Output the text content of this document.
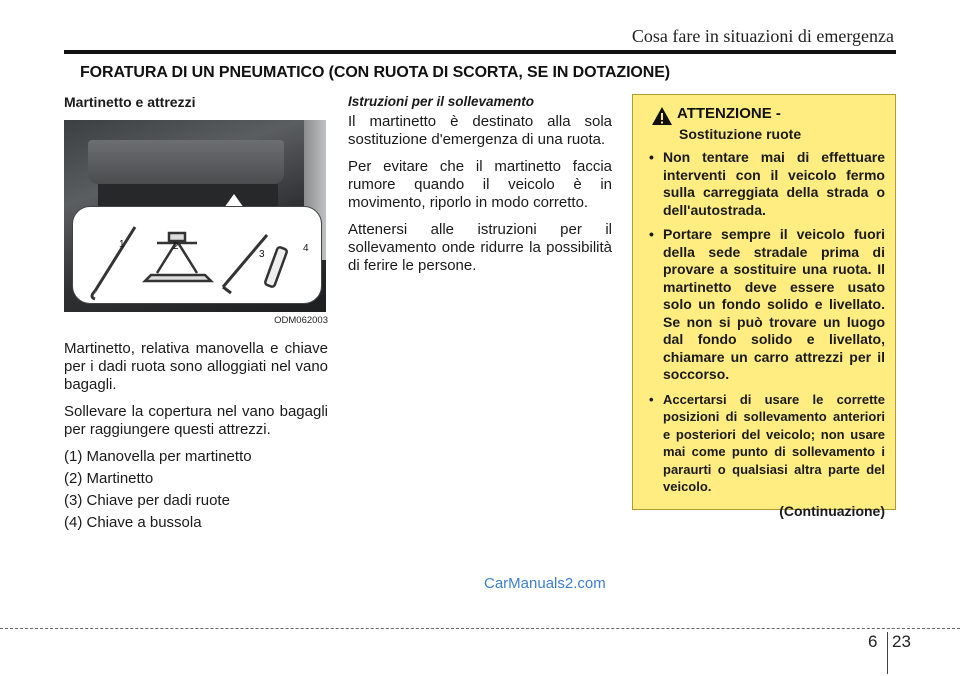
Cosa fare in situazioni di emergenza
FORATURA DI UN PNEUMATICO (CON RUOTA DI SCORTA, SE IN DOTAZIONE)
Martinetto e attrezzi
1	2
3
4
ODM062003

Martinetto, relativa manovella e chiave per i dadi ruota sono alloggiati nel vano bagagli.

Sollevare la copertura nel vano bagagli per raggiungere questi attrezzi.

(1) Manovella per martinetto
(2) Martinetto
(3) Chiave per dadi ruote
(4) Chiave a bussola
Istruzioni per il sollevamento

Il martinetto è destinato alla sola sostituzione d'emergenza di una ruota.

Per evitare che il martinetto faccia rumore quando il veicolo è in movimento, riporlo in modo corretto.

Attenersi alle istruzioni per il sollevamento onde ridurre la possibilità di ferire le persone.

ATTENZIONE -
Sostituzione ruote
• Non tentare mai di effettuare interventi con il veicolo fermo sulla carreggiata della strada o dell'autostrada.
• Portare sempre il veicolo fuori della sede stradale prima di provare a sostituire una ruota. Il martinetto deve essere usato solo un fondo solido e livellato. Se non si può trovare un luogo dal fondo solido e livellato, chiamare un carro attrezzi per il soccorso.
• Accertarsi di usare le corrette posizioni di sollevamento anteriori e posteriori del veicolo; non usare mai come punto di sollevamento i paraurti o qualsiasi altra parte del veicolo.
(Continuazione)
CarManuals2.com
6 23
